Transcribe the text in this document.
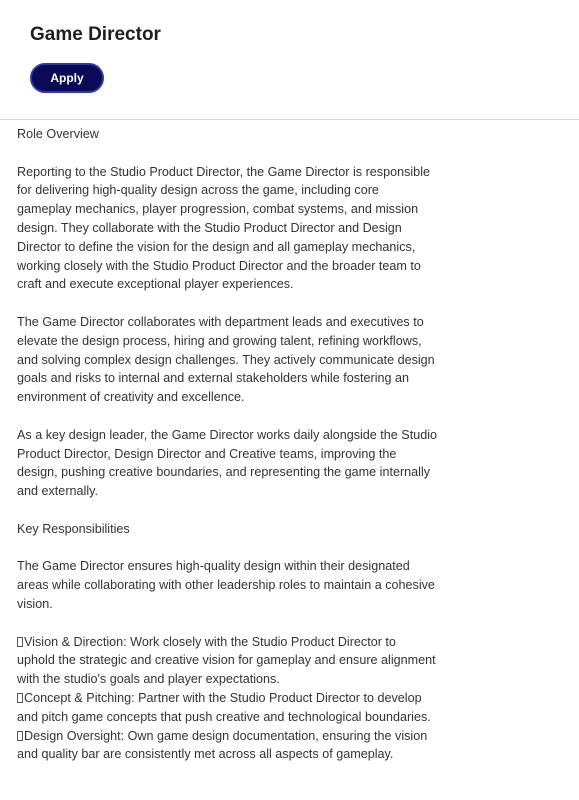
Game Director
Apply

Role Overview

Reporting to the Studio Product Director, the Game Director is responsible for delivering high-quality design across the game, including core gameplay mechanics, player progression, combat systems, and mission design. They collaborate with the Studio Product Director and Design Director to define the vision for the design and all gameplay mechanics, working closely with the Studio Product Director and the broader team to craft and execute exceptional player experiences.

The Game Director collaborates with department leads and executives to elevate the design process, hiring and growing talent, refining workflows, and solving complex design challenges. They actively communicate design goals and risks to internal and external stakeholders while fostering an environment of creativity and excellence.

As a key design leader, the Game Director works daily alongside the Studio Product Director, Design Director and Creative teams, improving the design, pushing creative boundaries, and representing the game internally and externally.

Key Responsibilities

The Game Director ensures high-quality design within their designated areas while collaborating with other leadership roles to maintain a cohesive vision.

Vision & Direction: Work closely with the Studio Product Director to uphold the strategic and creative vision for gameplay and ensure alignment with the studio's goals and player expectations.

Concept & Pitching: Partner with the Studio Product Director to develop and pitch game concepts that push creative and technological boundaries.

Design Oversight: Own game design documentation, ensuring the vision and quality bar are consistently met across all aspects of gameplay.
